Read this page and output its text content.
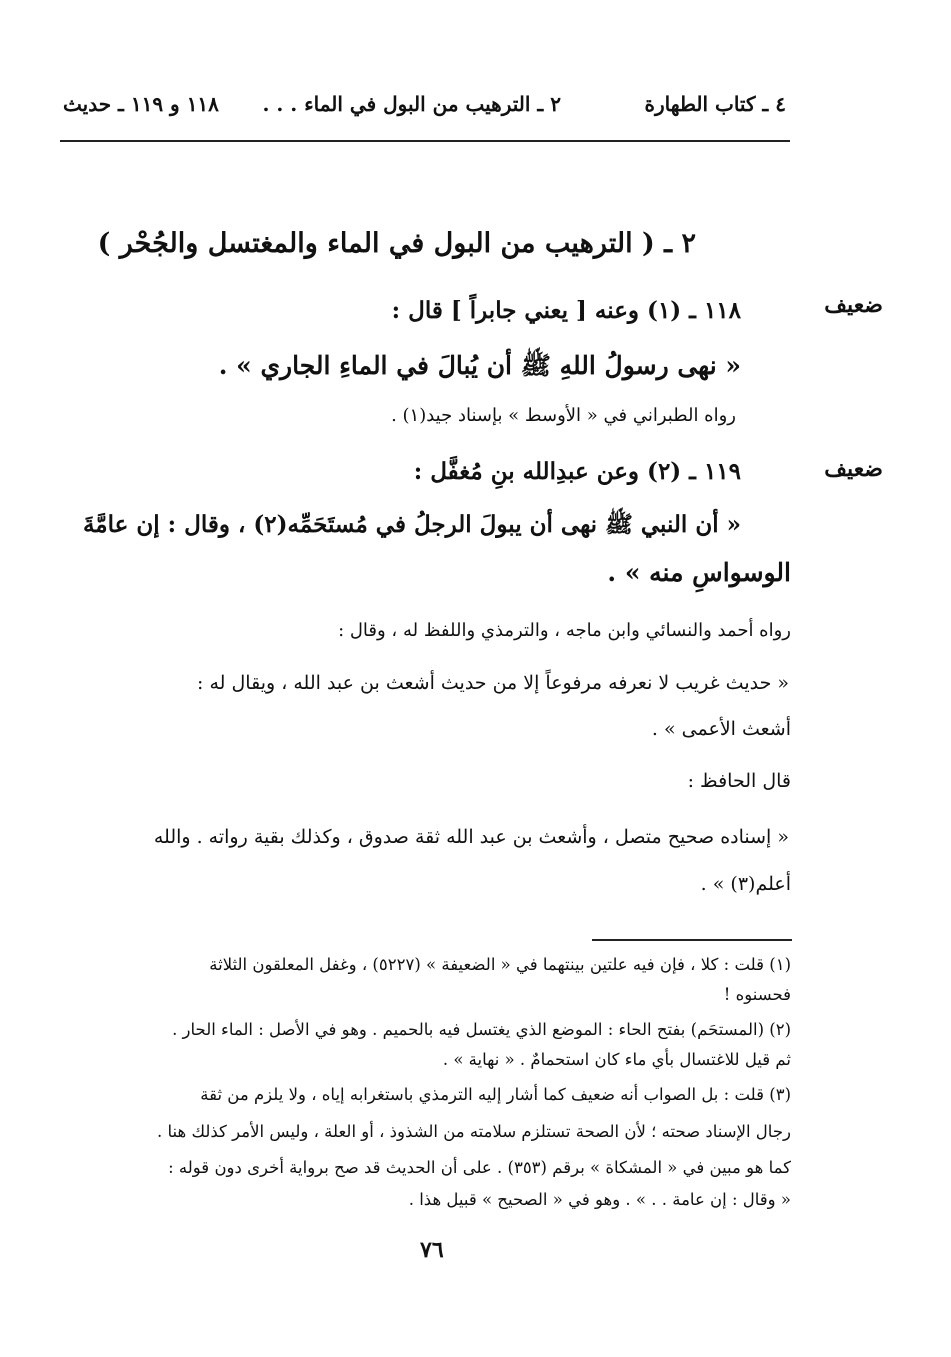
٤ ـ كتاب الطهارة
٢ ـ الترهيب من البول في الماء . . .
١١٨ و ١١٩ ـ حديث
٢ ـ ( الترهيب من البول في الماء والمغتسل والجُحْر )
ضعيف
١١٨ ـ (١) وعنه [ يعني جابراً ] قال :
« نهى رسولُ اللهِ ﷺ أن يُبالَ في الماءِ الجاري » .
رواه الطبراني في « الأوسط » بإسناد جيد(١) .
ضعيف
١١٩ ـ (٢) وعن عبدِالله بنِ مُغفَّل :
« أن النبي ﷺ نهى أن يبولَ الرجلُ في مُستَحَمِّه(٢) ، وقال : إن عامَّةَ
الوسواسِ منه » .
رواه أحمد والنسائي وابن ماجه ، والترمذي واللفظ له ، وقال :
« حديث غريب لا نعرفه مرفوعاً إلا من حديث أشعث بن عبد الله ، ويقال له :
أشعث الأعمى » .
قال الحافظ :
« إسناده صحيح متصل ، وأشعث بن عبد الله ثقة صدوق ، وكذلك بقية رواته . والله
أعلم(٣) » .
(١) قلت : كلا ، فإن فيه علتين بينتهما في « الضعيفة » (٥٢٢٧) ، وغفل المعلقون الثلاثة
فحسنوه !
(٢) (المستحَم) بفتح الحاء : الموضع الذي يغتسل فيه بالحميم . وهو في الأصل : الماء الحار .
ثم قيل للاغتسال بأي ماء كان استحمامٌ . « نهاية » .
(٣) قلت : بل الصواب أنه ضعيف كما أشار إليه الترمذي باستغرابه إياه ، ولا يلزم من ثقة
رجال الإسناد صحته ؛ لأن الصحة تستلزم سلامته من الشذوذ ، أو العلة ، وليس الأمر كذلك هنا .
كما هو مبين في « المشكاة » برقم (٣٥٣) . على أن الحديث قد صح برواية أخرى دون قوله :
« وقال : إن عامة . . » . وهو في « الصحيح » قبيل هذا .
٧٦
